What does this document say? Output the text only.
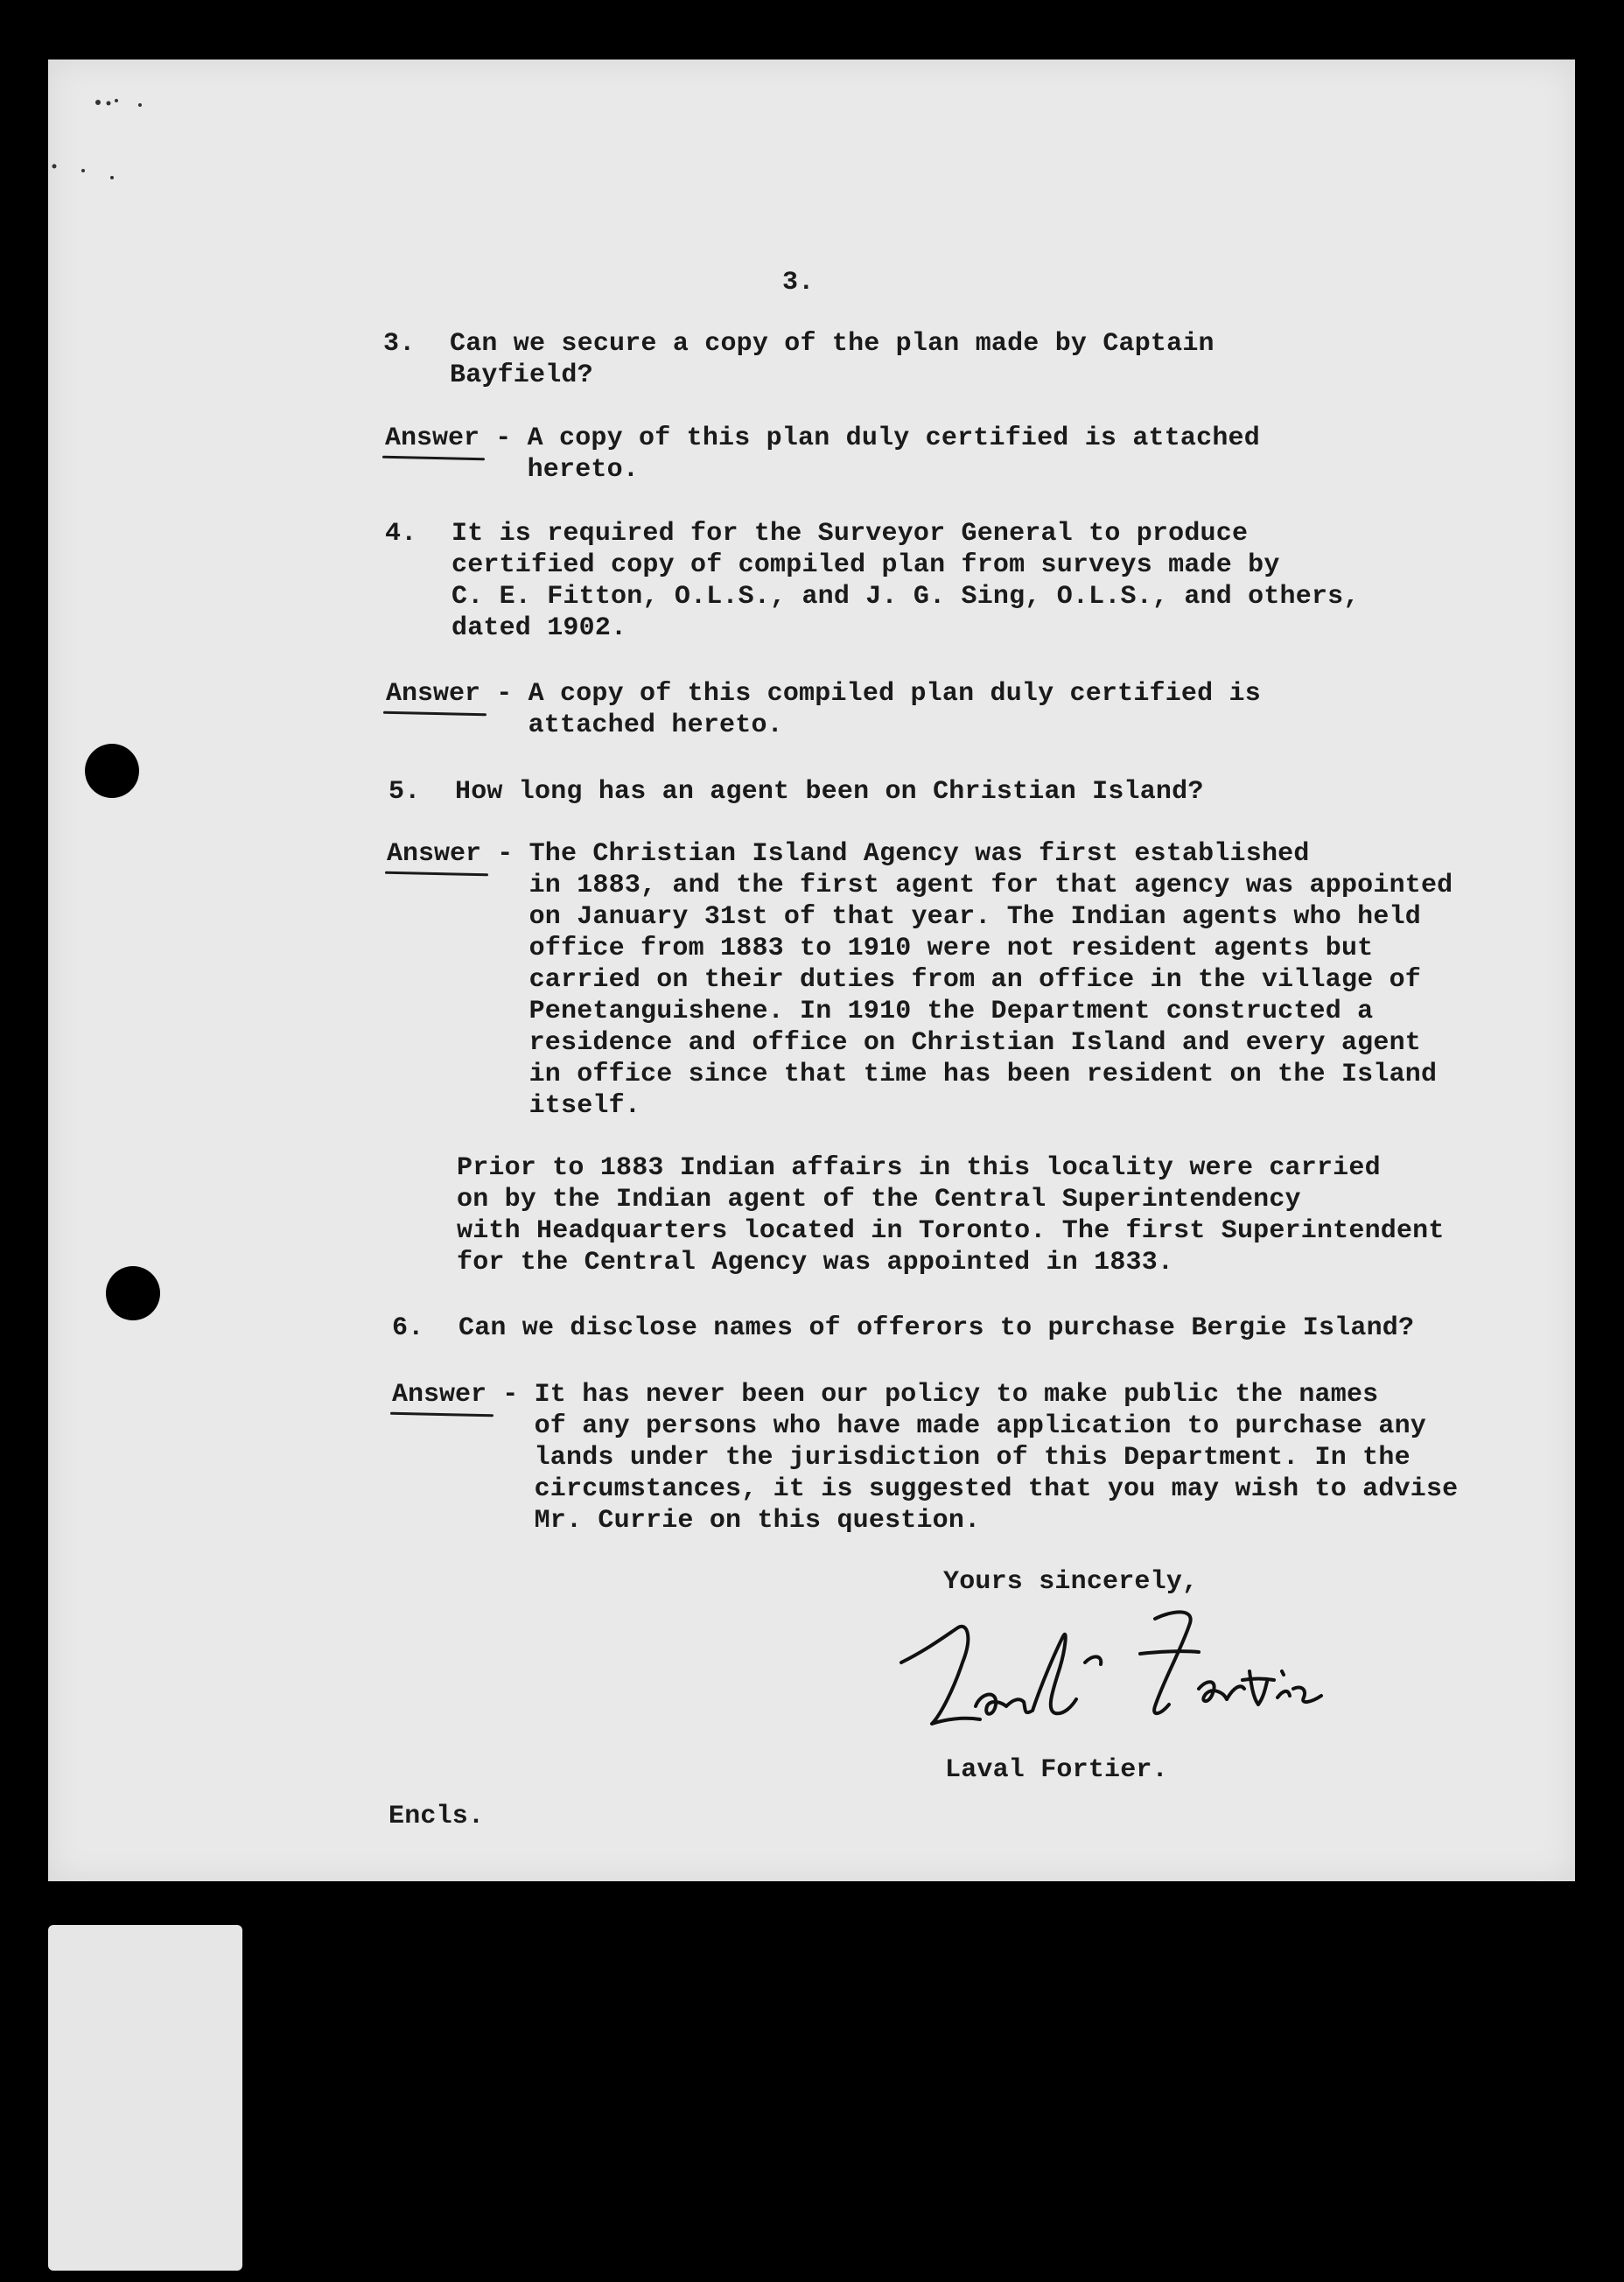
3.
3. Can we secure a copy of the plan made by Captain
Bayfield?
Answer - A copy of this plan duly certified is attached
hereto.
4. It is required for the Surveyor General to produce
certified copy of compiled plan from surveys made by
C. E. Fitton, O.L.S., and J. G. Sing, O.L.S., and others,
dated 1902.
Answer - A copy of this compiled plan duly certified is
attached hereto.
5. How long has an agent been on Christian Island?
Answer - The Christian Island Agency was first established
in 1883, and the first agent for that agency was appointed
on January 31st of that year. The Indian agents who held
office from 1883 to 1910 were not resident agents but
carried on their duties from an office in the village of
Penetanguishene. In 1910 the Department constructed a
residence and office on Christian Island and every agent
in office since that time has been resident on the Island
itself.
Prior to 1883 Indian affairs in this locality were carried
on by the Indian agent of the Central Superintendency
with Headquarters located in Toronto. The first Superintendent
for the Central Agency was appointed in 1833.
6. Can we disclose names of offerors to purchase Bergie Island?
Answer - It has never been our policy to make public the names
of any persons who have made application to purchase any
lands under the jurisdiction of this Department. In the
circumstances, it is suggested that you may wish to advise
Mr. Currie on this question.
Yours sincerely,
Laval Fortier.
Encls.
